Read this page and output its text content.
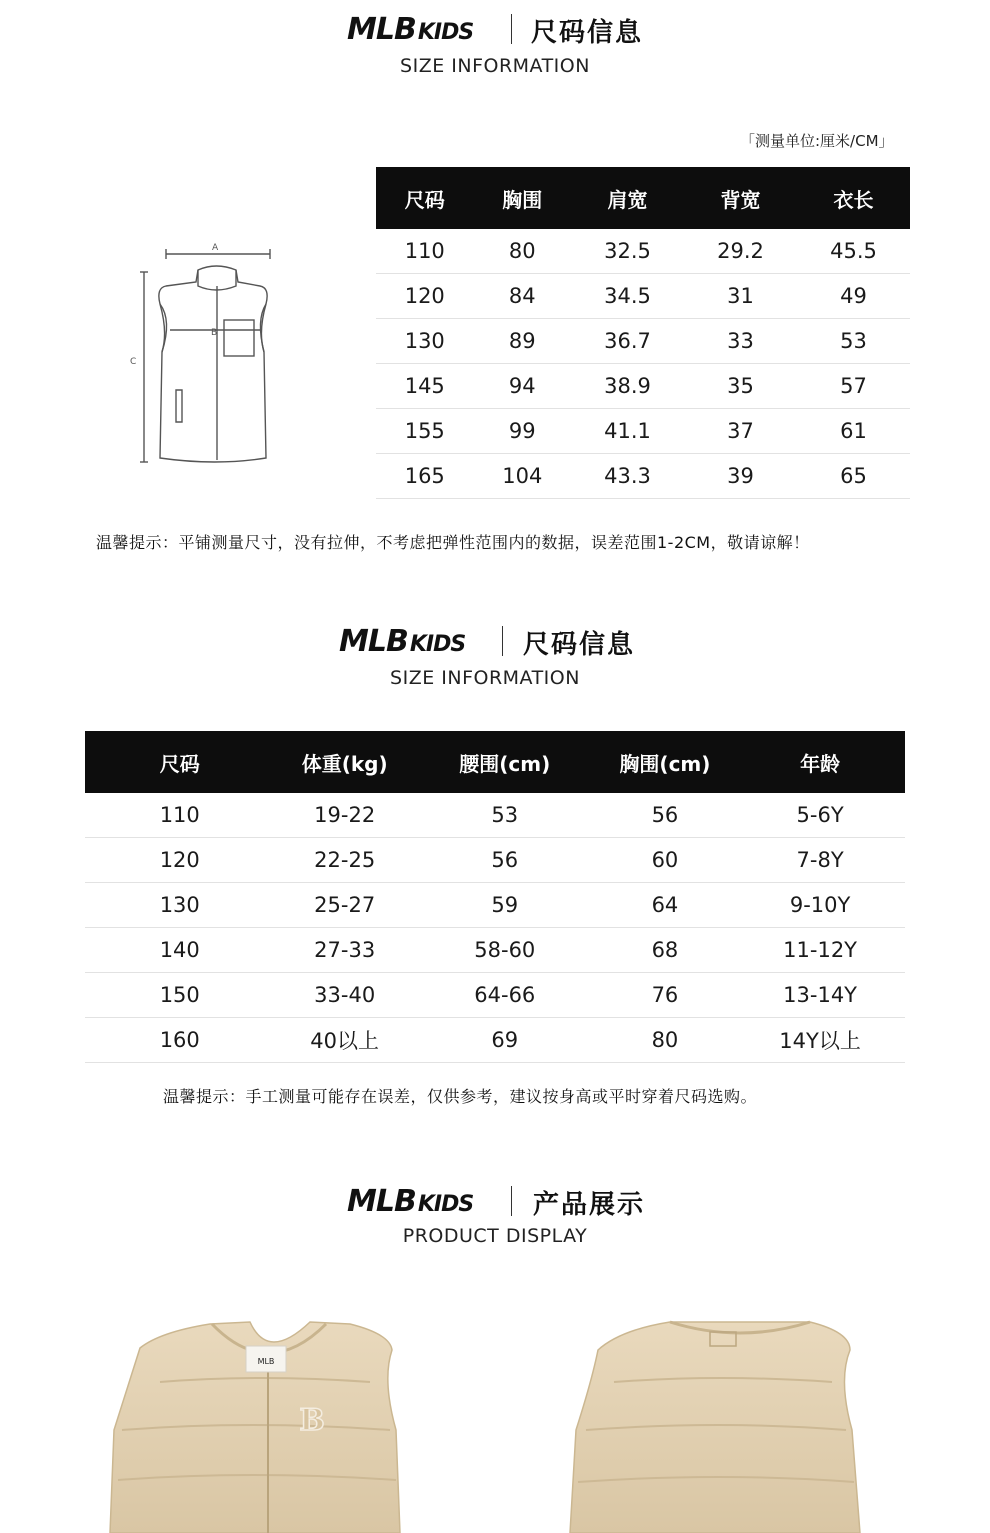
MLBKIDS 尺码信息
SIZE INFORMATION
「测量单位:厘米/CM」
A
B
C
尺码	胸围	肩宽	背宽	衣长
110	80	32.5	29.2	45.5
120	84	34.5	31	49
130	89	36.7	33	53
145	94	38.9	35	57
155	99	41.1	37	61
165	104	43.3	39	65
温馨提示：平铺测量尺寸，没有拉伸，不考虑把弹性范围内的数据，误差范围1-2CM，敬请谅解！
MLBKIDS 尺码信息
SIZE INFORMATION
尺码	体重(kg)	腰围(cm)	胸围(cm)	年龄
110	19-22	53	56	5-6Y
120	22-25	56	60	7-8Y
130	25-27	59	64	9-10Y
140	27-33	58-60	68	11-12Y
150	33-40	64-66	76	13-14Y
160	40以上	69	80	14Y以上
温馨提示：手工测量可能存在误差，仅供参考，建议按身高或平时穿着尺码选购。
MLBKIDS 产品展示
PRODUCT DISPLAY
MLB
B
